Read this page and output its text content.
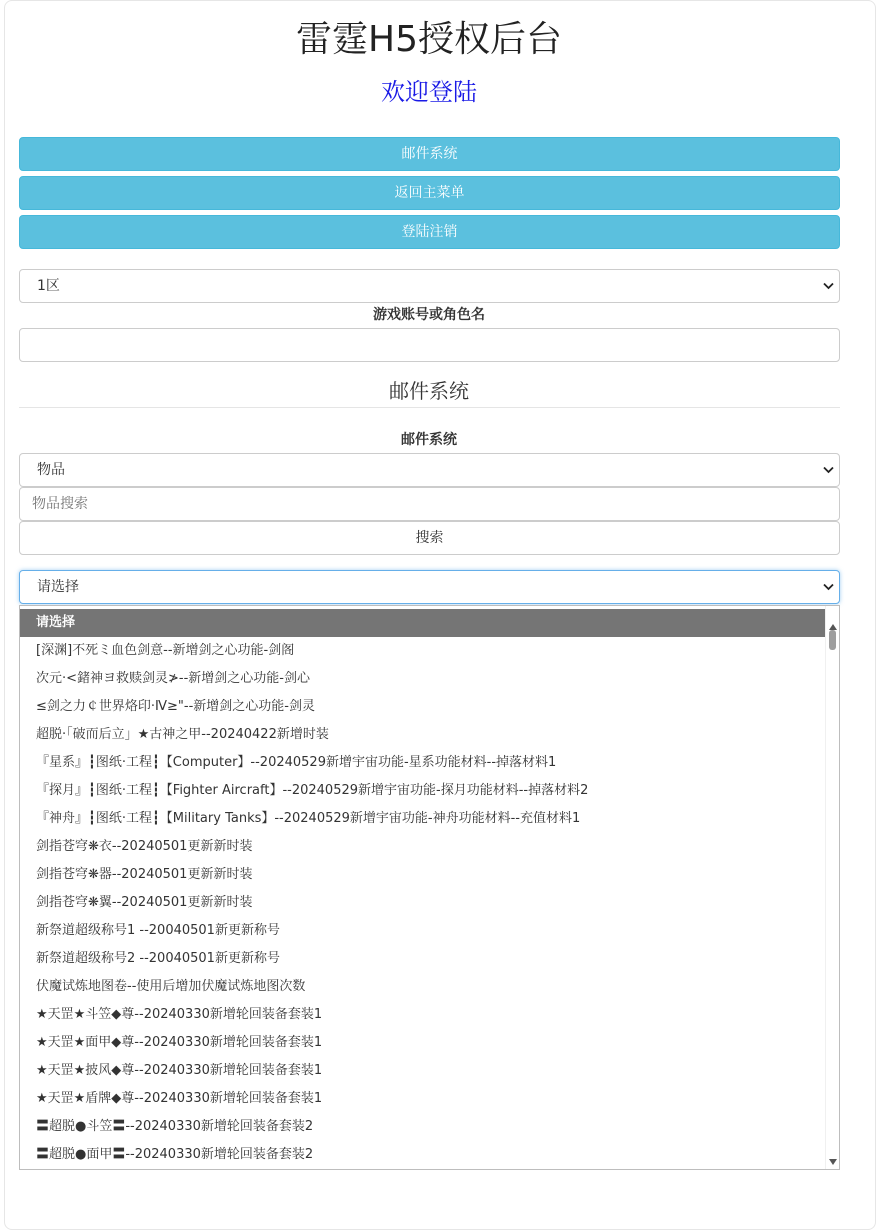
雷霆H5授权后台
欢迎登陆
邮件系统
返回主菜单
登陆注销
1区
游戏账号或角色名
邮件系统
邮件系统
物品
物品搜索
搜索
请选择
请选择
[深渊]不死ミ血色剑意--新增剑之心功能-剑阁
次元·<鍺神ヨ救赎剑灵≯--新增剑之心功能-剑心
≤剑之力￠世界烙印·Ⅳ≥"--新增剑之心功能-剑灵
超脱·「破而后立」★古神之甲--20240422新增时装
『星系』┇图纸·工程┇【Computer】--20240529新增宇宙功能-星系功能材料--掉落材料1
『探月』┇图纸·工程┇【Fighter Aircraft】--20240529新增宇宙功能-探月功能材料--掉落材料2
『神舟』┇图纸·工程┇【Military Tanks】--20240529新增宇宙功能-神舟功能材料--充值材料1
剑指苍穹❋衣--20240501更新新时装
剑指苍穹❋器--20240501更新新时装
剑指苍穹❋翼--20240501更新新时装
新祭道超级称号1 --20040501新更新称号
新祭道超级称号2 --20040501新更新称号
伏魔试炼地图卷--使用后增加伏魔试炼地图次数
★天罡★斗笠◆尊--20240330新增轮回装备套装1
★天罡★面甲◆尊--20240330新增轮回装备套装1
★天罡★披风◆尊--20240330新增轮回装备套装1
★天罡★盾牌◆尊--20240330新增轮回装备套装1
〓超脱●斗笠〓--20240330新增轮回装备套装2
〓超脱●面甲〓--20240330新增轮回装备套装2
